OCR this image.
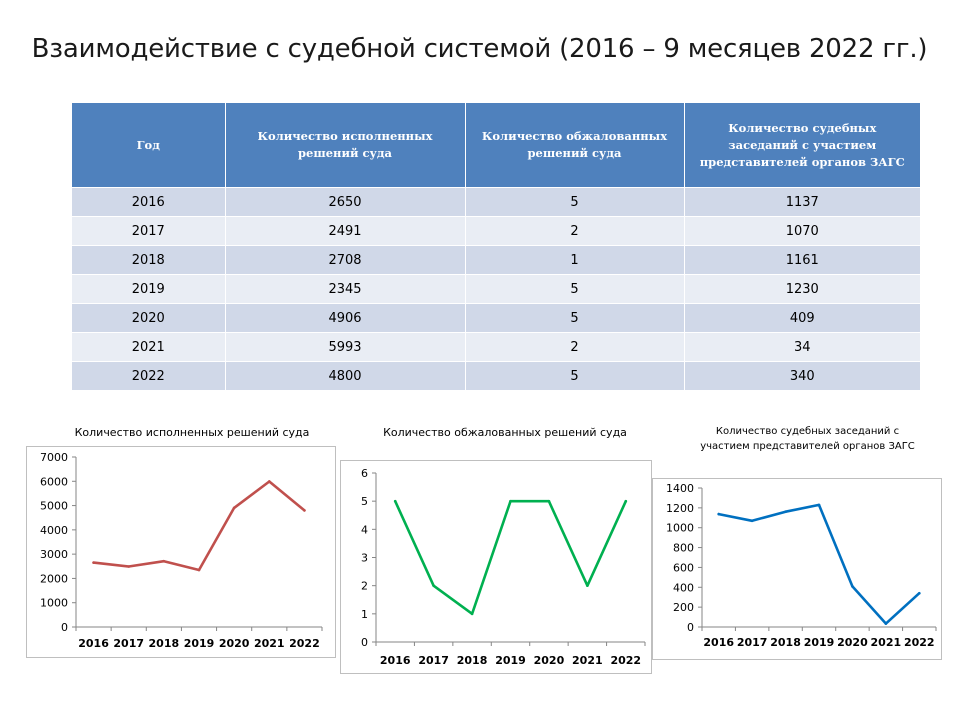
Взаимодействие с судебной системой (2016 – 9 месяцев 2022 гг.)
Год	Количество исполненных решений суда	Количество обжалованных решений суда	Количество судебных заседаний с участием представителей органов ЗАГС
2016	2650	5	1137
2017	2491	2	1070
2018	2708	1	1161
2019	2345	5	1230
2020	4906	5	409
2021	5993	2	34
2022	4800	5	340
Количество исполненных решений суда
0
1000
2000
3000
4000
5000
6000
7000
2016 2017 2018 2019 2020 2021 2022
Количество обжалованных решений суда
0
1
2
3
4
5
6
2016 2017 2018 2019 2020 2021 2022
Количество судебных заседаний с участием представителей органов ЗАГС
0
200
400
600
800
1000
1200
1400
2016 2017 2018 2019 2020 2021 2022
